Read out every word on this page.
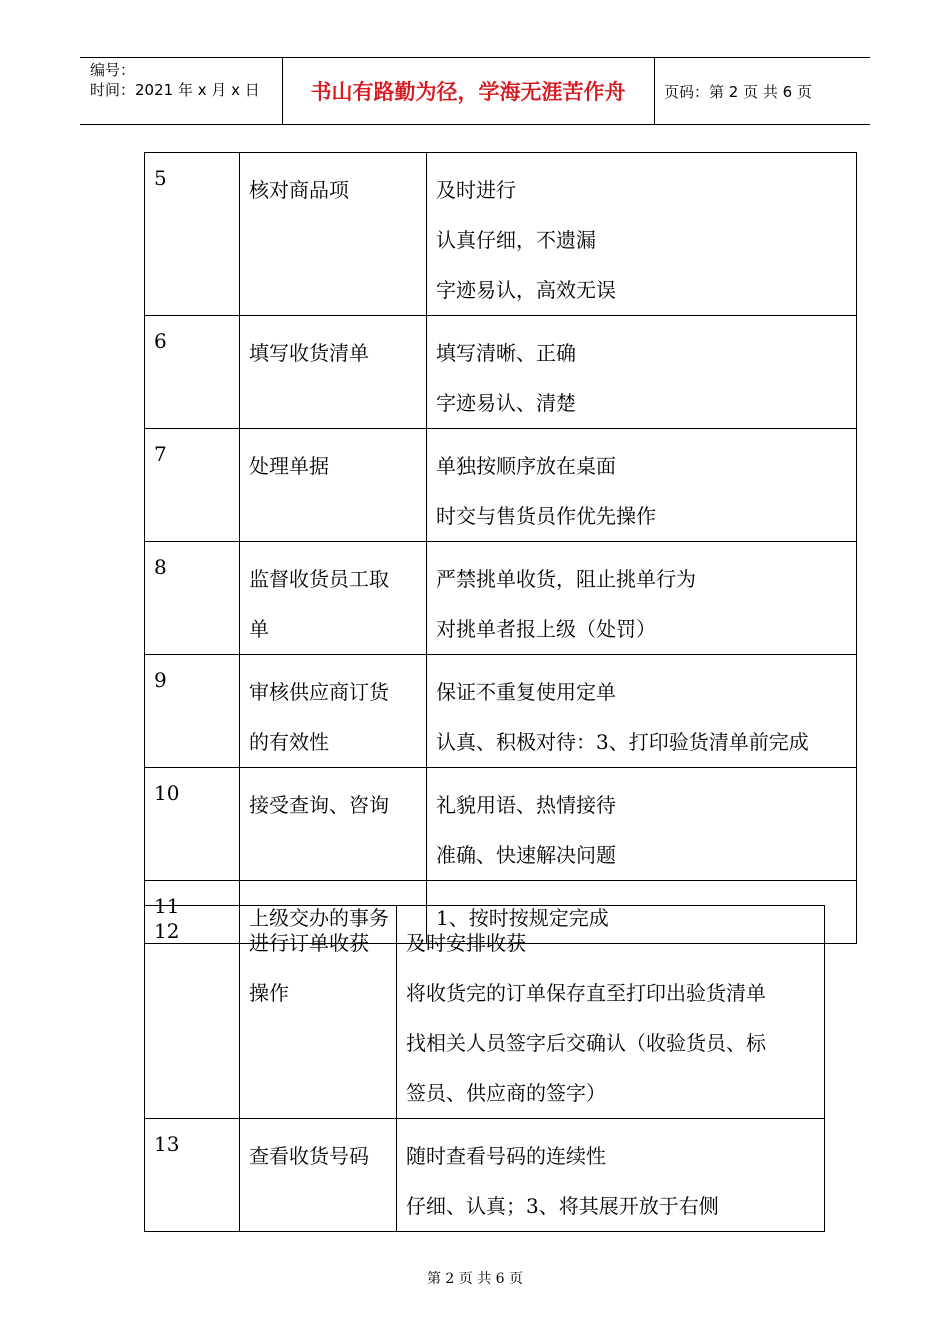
编号：
时间：2021 年 x 月 x 日	书山有路勤为径，学海无涯苦作舟	页码：第 2 页 共 6 页
5	核对商品项	及时进行
认真仔细，不遗漏
字迹易认，高效无误

6	填写收货清单	填写清晰、正确
字迹易认、清楚

7	处理单据	单独按顺序放在桌面
时交与售货员作优先操作

8	监督收货员工取
单	严禁挑单收货，阻止挑单行为
对挑单者报上级（处罚）

9	审核供应商订货
的有效性	保证不重复使用定单
认真、积极对待：3、打印验货清单前完成

10	接受查询、咨询	礼貌用语、热情接待
准确、快速解决问题

11	上级交办的事务	1、按时按规定完成
12	进行订单收获
操作	及时安排收获
将收货完的订单保存直至打印出验货清单
找相关人员签字后交确认（收验货员、标
签员、供应商的签字）

13	查看收货号码	随时查看号码的连续性
仔细、认真；3、将其展开放于右侧
第 2 页 共 6 页
